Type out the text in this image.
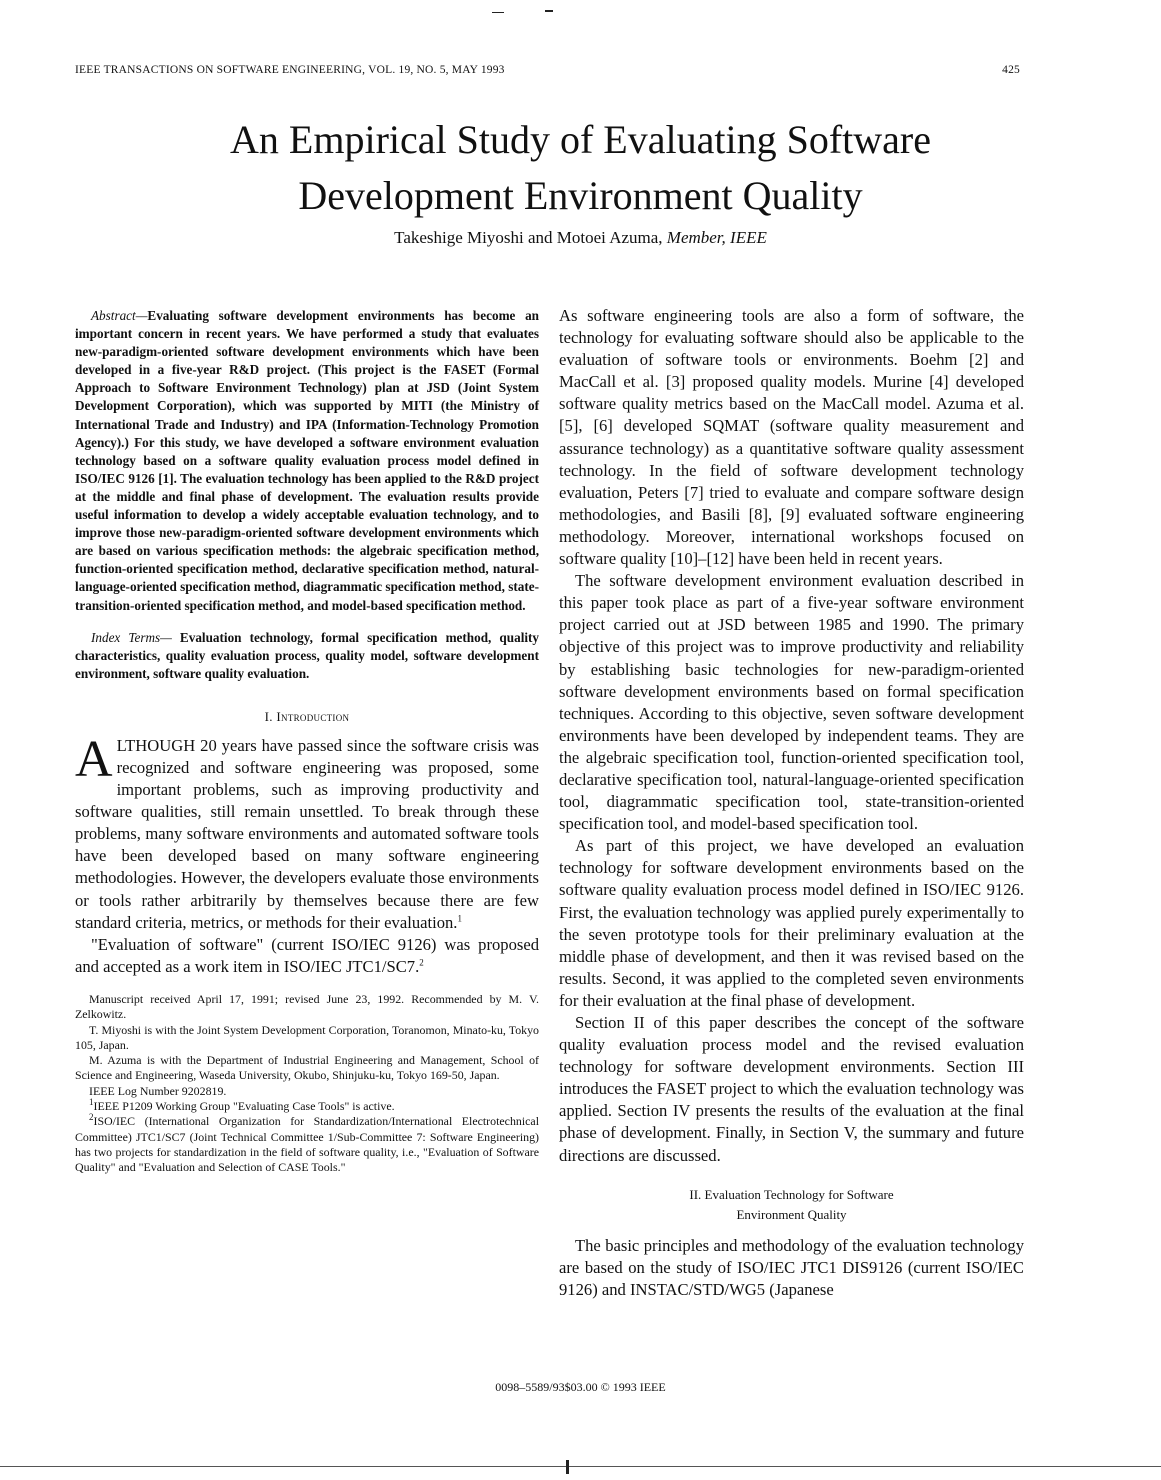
IEEE TRANSACTIONS ON SOFTWARE ENGINEERING, VOL. 19, NO. 5, MAY 1993	425
An Empirical Study of Evaluating Software
Development Environment Quality
Takeshige Miyoshi and Motoei Azuma, Member, IEEE

Abstract—Evaluating software development environments has become an important concern in recent years. We have performed a study that evaluates new-paradigm-oriented software development environments which have been developed in a five-year R&D project. (This project is the FASET (Formal Approach to Software Environment Technology) plan at JSD (Joint System Development Corporation), which was supported by MITI (the Ministry of International Trade and Industry) and IPA (Information-Technology Promotion Agency).) For this study, we have developed a software environment evaluation technology based on a software quality evaluation process model defined in ISO/IEC 9126 [1]. The evaluation technology has been applied to the R&D project at the middle and final phase of development. The evaluation results provide useful information to develop a widely acceptable evaluation technology, and to improve those new-paradigm-oriented software development environments which are based on various specification methods: the algebraic specification method, function-oriented specification method, declarative specification method, natural-language-oriented specification method, diagrammatic specification method, state-transition-oriented specification method, and model-based specification method.

Index Terms— Evaluation technology, formal specification method, quality characteristics, quality evaluation process, quality model, software development environment, software quality evaluation.

I. Introduction

ALTHOUGH 20 years have passed since the software crisis was recognized and software engineering was proposed, some important problems, such as improving productivity and software qualities, still remain unsettled. To break through these problems, many software environments and automated software tools have been developed based on many software engineering methodologies. However, the developers evaluate those environments or tools rather arbitrarily by themselves because there are few standard criteria, metrics, or methods for their evaluation.$^1$

"Evaluation of software" (current ISO/IEC 9126) was proposed and accepted as a work item in ISO/IEC JTC1/SC7.$^2$

Manuscript received April 17, 1991; revised June 23, 1992. Recommended by M. V. Zelkowitz.

T. Miyoshi is with the Joint System Development Corporation, Toranomon, Minato-ku, Tokyo 105, Japan.

M. Azuma is with the Department of Industrial Engineering and Management, School of Science and Engineering, Waseda University, Okubo, Shinjuku-ku, Tokyo 169-50, Japan.

IEEE Log Number 9202819.

$^1$IEEE P1209 Working Group "Evaluating Case Tools" is active.

$^2$ISO/IEC (International Organization for Standardization/International Electrotechnical Committee) JTC1/SC7 (Joint Technical Committee 1/Sub-Committee 7: Software Engineering) has two projects for standardization in the field of software quality, i.e., "Evaluation of Software Quality" and "Evaluation and Selection of CASE Tools."

As software engineering tools are also a form of software, the technology for evaluating software should also be applicable to the evaluation of software tools or environments. Boehm [2] and MacCall et al. [3] proposed quality models. Murine [4] developed software quality metrics based on the MacCall model. Azuma et al. [5], [6] developed SQMAT (software quality measurement and assurance technology) as a quantitative software quality assessment technology. In the field of software development technology evaluation, Peters [7] tried to evaluate and compare software design methodologies, and Basili [8], [9] evaluated software engineering methodology. Moreover, international workshops focused on software quality [10]–[12] have been held in recent years.

The software development environment evaluation described in this paper took place as part of a five-year software environment project carried out at JSD between 1985 and 1990. The primary objective of this project was to improve productivity and reliability by establishing basic technologies for new-paradigm-oriented software development environments based on formal specification techniques. According to this objective, seven software development environments have been developed by independent teams. They are the algebraic specification tool, function-oriented specification tool, declarative specification tool, natural-language-oriented specification tool, diagrammatic specification tool, state-transition-oriented specification tool, and model-based specification tool.

As part of this project, we have developed an evaluation technology for software development environments based on the software quality evaluation process model defined in ISO/IEC 9126. First, the evaluation technology was applied purely experimentally to the seven prototype tools for their preliminary evaluation at the middle phase of development, and then it was revised based on the results. Second, it was applied to the completed seven environments for their evaluation at the final phase of development.

Section II of this paper describes the concept of the software quality evaluation process model and the revised evaluation technology for software development environments. Section III introduces the FASET project to which the evaluation technology was applied. Section IV presents the results of the evaluation at the final phase of development. Finally, in Section V, the summary and future directions are discussed.

II. Evaluation Technology for Software
Environment Quality

The basic principles and methodology of the evaluation technology are based on the study of ISO/IEC JTC1 DIS9126 (current ISO/IEC 9126) and INSTAC/STD/WG5 (Japanese

0098–5589/93$03.00 © 1993 IEEE
